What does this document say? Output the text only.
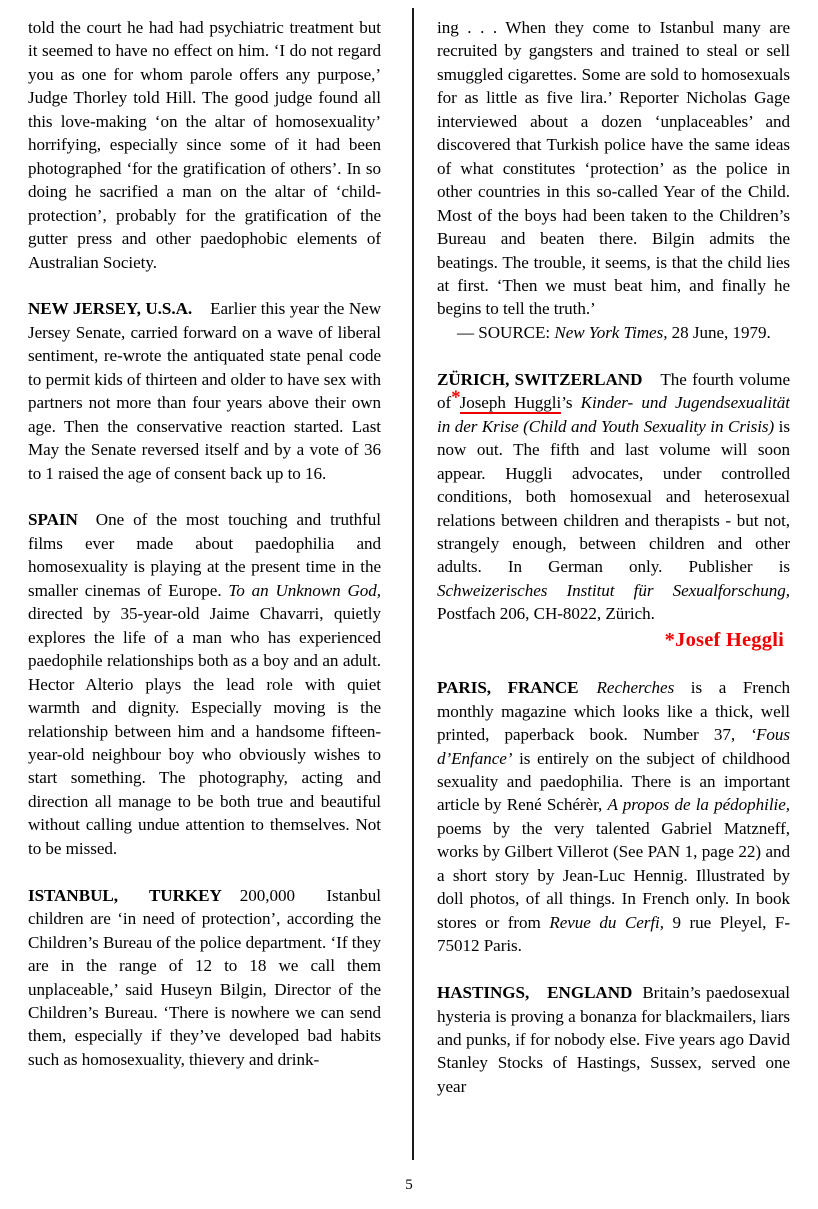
told the court he had had psychiatric treatment but it seemed to have no effect on him. ‘I do not regard you as one for whom parole offers any purpose,’ Judge Thorley told Hill. The good judge found all this love-making ‘on the altar of homosexuality’ horrifying, especially since some of it had been photographed ‘for the gratification of others’. In so doing he sacrified a man on the altar of ‘child-protection’, probably for the gratification of the gutter press and other paedophobic elements of Australian Society.

NEW JERSEY, U.S.A. Earlier this year the New Jersey Senate, carried forward on a wave of liberal sentiment, re-wrote the antiquated state penal code to permit kids of thirteen and older to have sex with partners not more than four years above their own age. Then the conservative reaction started. Last May the Senate reversed itself and by a vote of 36 to 1 raised the age of consent back up to 16.

SPAIN One of the most touching and truthful films ever made about paedophilia and homosexuality is playing at the present time in the smaller cinemas of Europe. To an Unknown God, directed by 35-year-old Jaime Chavarri, quietly explores the life of a man who has experienced paedophile relationships both as a boy and an adult. Hector Alterio plays the lead role with quiet warmth and dignity. Especially moving is the relationship between him and a handsome fifteen-year-old neighbour boy who obviously wishes to start something. The photography, acting and direction all manage to be both true and beautiful without calling undue attention to themselves. Not to be missed.

ISTANBUL, TURKEY 200,000 Istanbul children are ‘in need of protection’, according the Children’s Bureau of the police department. ‘If they are in the range of 12 to 18 we call them unplaceable,’ said Huseyn Bilgin, Director of the Children’s Bureau. ‘There is nowhere we can send them, especially if they’ve developed bad habits such as homosexuality, thievery and drink-

ing . . . When they come to Istanbul many are recruited by gangsters and trained to steal or sell smuggled cigarettes. Some are sold to homosexuals for as little as five lira.’ Reporter Nicholas Gage interviewed about a dozen ‘unplaceables’ and discovered that Turkish police have the same ideas of what constitutes ‘protection’ as the police in other countries in this so-called Year of the Child. Most of the boys had been taken to the Children’s Bureau and beaten there. Bilgin admits the beatings. The trouble, it seems, is that the child lies at first. ‘Then we must beat him, and finally he begins to tell the truth.’

— SOURCE: New York Times, 28 June, 1979.

ZÜRICH, SWITZERLAND The fourth volume of*Joseph Huggli’s Kinder- und Jugendsexualität in der Krise (Child and Youth Sexuality in Crisis) is now out. The fifth and last volume will soon appear. Huggli advocates, under controlled conditions, both homosexual and heterosexual relations between children and therapists - but not, strangely enough, between children and other adults. In German only. Publisher is Schweizerisches Institut für Sexualforschung, Postfach 206, CH-8022, Zürich.
*Josef Heggli

PARIS, FRANCE Recherches is a French monthly magazine which looks like a thick, well printed, paperback book. Number 37, ‘Fous d’Enfance’ is entirely on the subject of childhood sexuality and paedophilia. There is an important article by René Schérèr, A propos de la pédophilie, poems by the very talented Gabriel Matzneff, works by Gilbert Villerot (See PAN 1, page 22) and a short story by Jean-Luc Hennig. Illustrated by doll photos, of all things. In French only. In book stores or from Revue du Cerfi, 9 rue Pleyel, F-75012 Paris.

HASTINGS, ENGLAND Britain’s paedosexual hysteria is proving a bonanza for blackmailers, liars and punks, if for nobody else. Five years ago David Stanley Stocks of Hastings, Sussex, served one year

5
